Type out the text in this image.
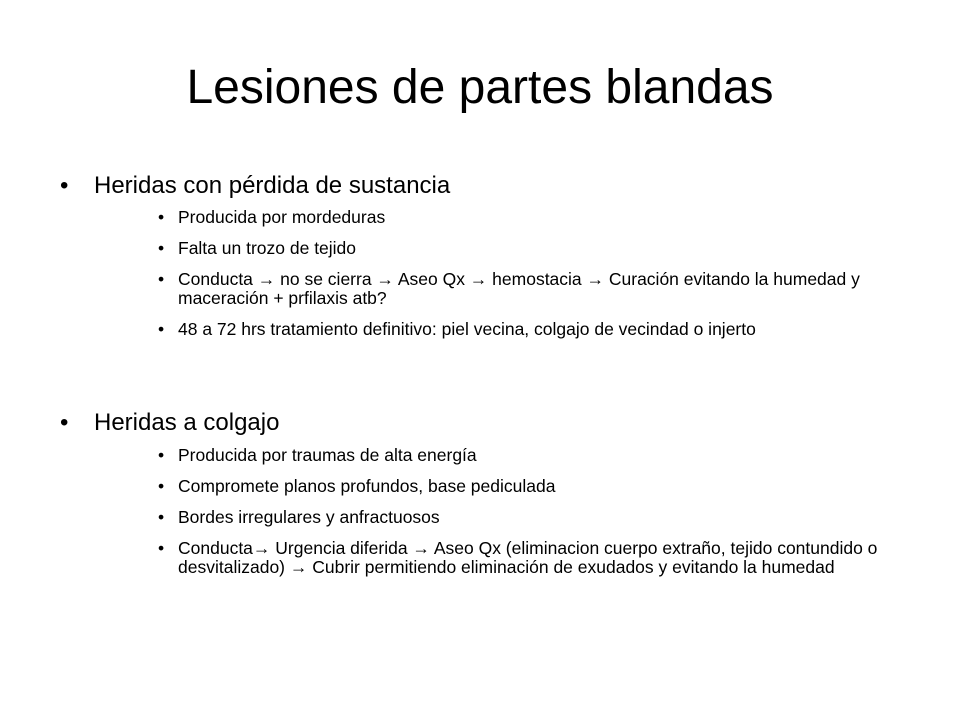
Lesiones de partes blandas
•	Heridas con pérdida de sustancia
• Producida por mordeduras
• Falta un trozo de tejido
• Conducta → no se cierra → Aseo Qx → hemostacia → Curación evitando la humedad y maceración + prfilaxis atb?
• 48 a 72 hrs tratamiento definitivo: piel vecina, colgajo de vecindad o injerto
•	Heridas a colgajo
• Producida por traumas de alta energía
• Compromete planos profundos, base pediculada
• Bordes irregulares y anfractuosos
• Conducta→ Urgencia diferida → Aseo Qx (eliminacion cuerpo extraño, tejido contundido o desvitalizado) → Cubrir permitiendo eliminación de exudados y evitando la humedad
